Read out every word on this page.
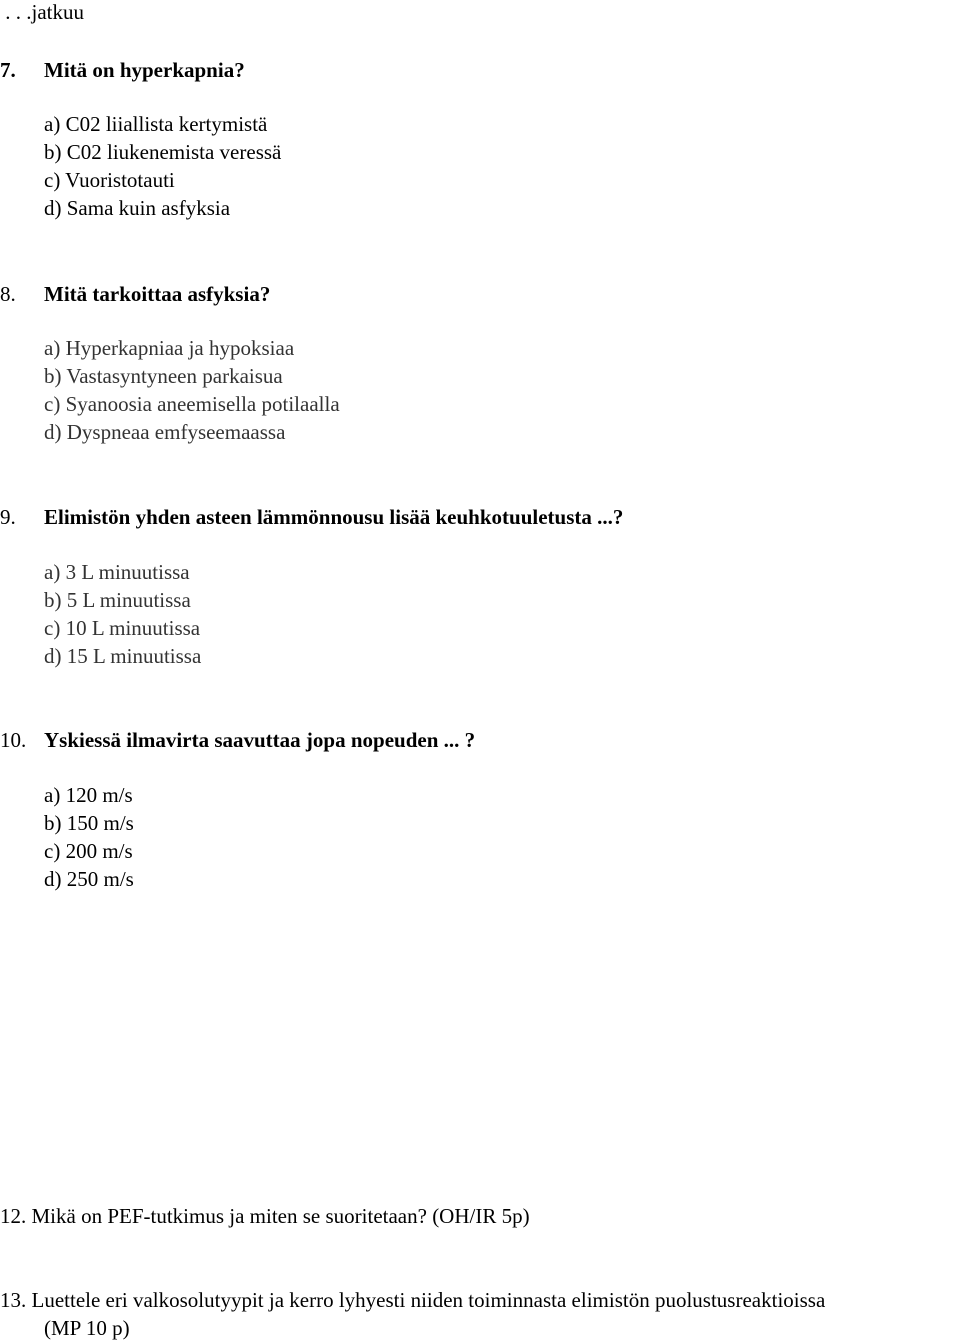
. . .jatkuu
7. Mitä on hyperkapnia?
a) C02 liiallista kertymistä
b) C02 liukenemista veressä
c) Vuoristotauti
d) Sama kuin asfyksia
8. Mitä tarkoittaa asfyksia?
a) Hyperkapniaa ja hypoksiaa
b) Vastasyntyneen parkaisua
c) Syanoosia aneemisella potilaalla
d) Dyspneaa emfyseemaassa
9. Elimistön yhden asteen lämmönnousu lisää keuhkotuuletusta ...?
a) 3 L minuutissa
b) 5 L minuutissa
c) 10 L minuutissa
d) 15 L minuutissa
10. Yskiessä ilmavirta saavuttaa jopa nopeuden ... ?
a) 120 m/s
b) 150 m/s
c) 200 m/s
d) 250 m/s
12. Mikä on PEF-tutkimus ja miten se suoritetaan? (OH/IR 5p)
13. Luettele eri valkosolutyypit ja kerro lyhyesti niiden toiminnasta elimistön puolustusreaktioissa
(MP 10 p)
